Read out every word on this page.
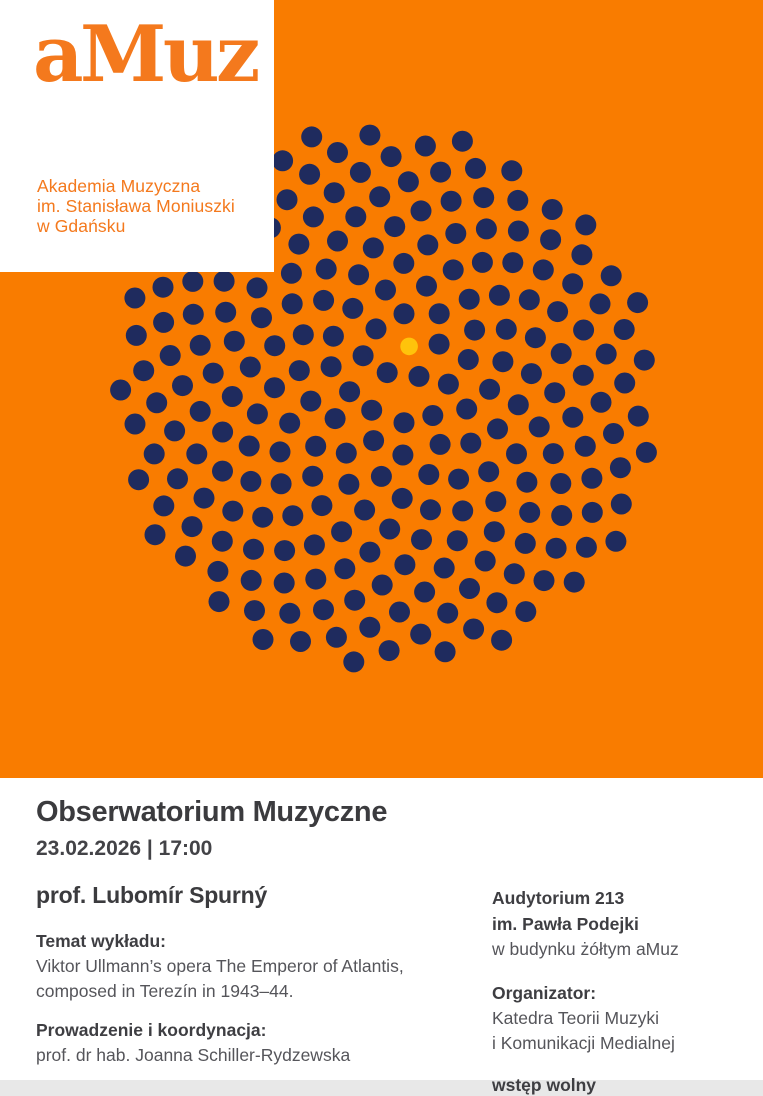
aMuz
Akademia Muzyczna
im. Stanisława Moniuszki
w Gdańsku
Obserwatorium Muzyczne
23.02.2026 | 17:00
prof. Lubomír Spurný
Temat wykładu:
Viktor Ullmann’s opera The Emperor of Atlantis,
composed in Terezín in 1943–44.
Prowadzenie i koordynacja:
prof. dr hab. Joanna Schiller-Rydzewska
Audytorium 213
im. Pawła Podejki
w budynku żółtym aMuz
Organizator:
Katedra Teorii Muzyki
i Komunikacji Medialnej
wstęp wolny
